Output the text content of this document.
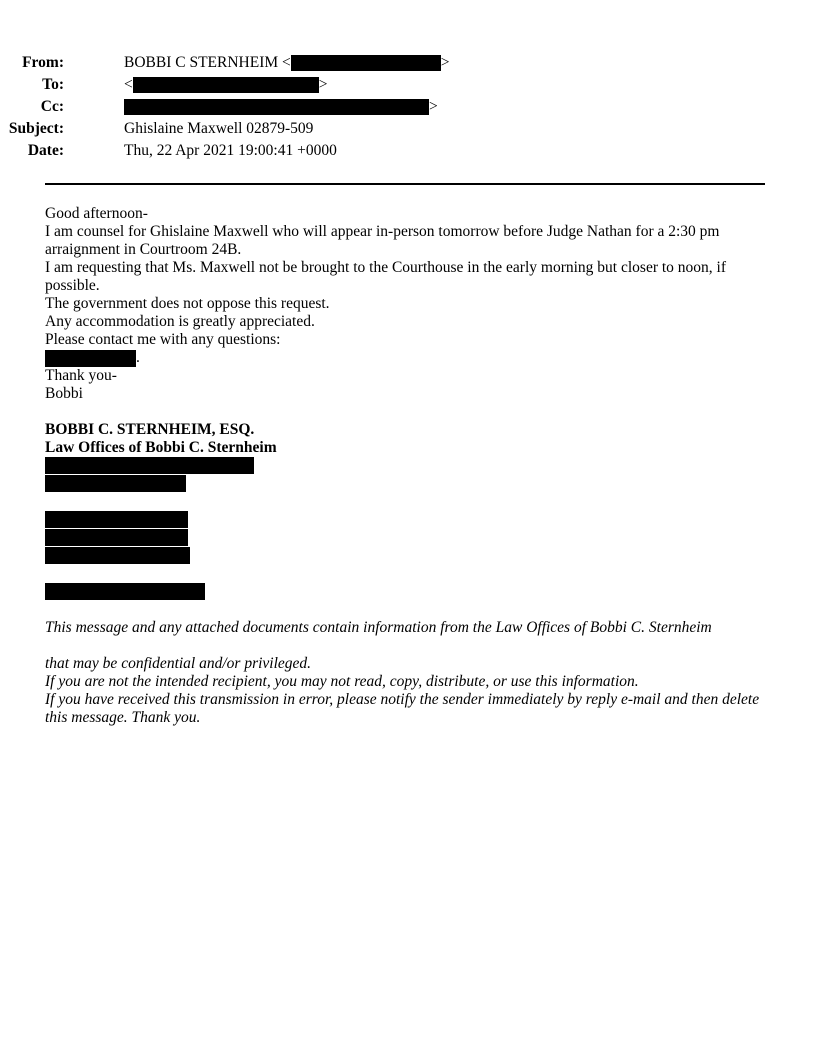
From:	BOBBI C STERNHEIM <	>
To:	<	>
Cc:	>
Subject:	Ghislaine Maxwell 02879-509
Date:	Thu, 22 Apr 2021 19:00:41 +0000

Good afternoon-

I am counsel for Ghislaine Maxwell who will appear in-person tomorrow before Judge Nathan for a 2:30 pm arraignment in Courtroom 24B.

I am requesting that Ms. Maxwell not be brought to the Courthouse in the early morning but closer to noon, if possible.

The government does not oppose this request.

Any accommodation is greatly appreciated.

Please contact me with any questions:

.

Thank you-

Bobbi

BOBBI C. STERNHEIM, ESQ.

Law Offices of Bobbi C. Sternheim

This message and any attached documents contain information from the Law Offices of Bobbi C. Sternheim

that may be confidential and/or privileged.

If you are not the intended recipient, you may not read, copy, distribute, or use this information.

If you have received this transmission in error, please notify the sender immediately by reply e-mail and then delete this message. Thank you.
